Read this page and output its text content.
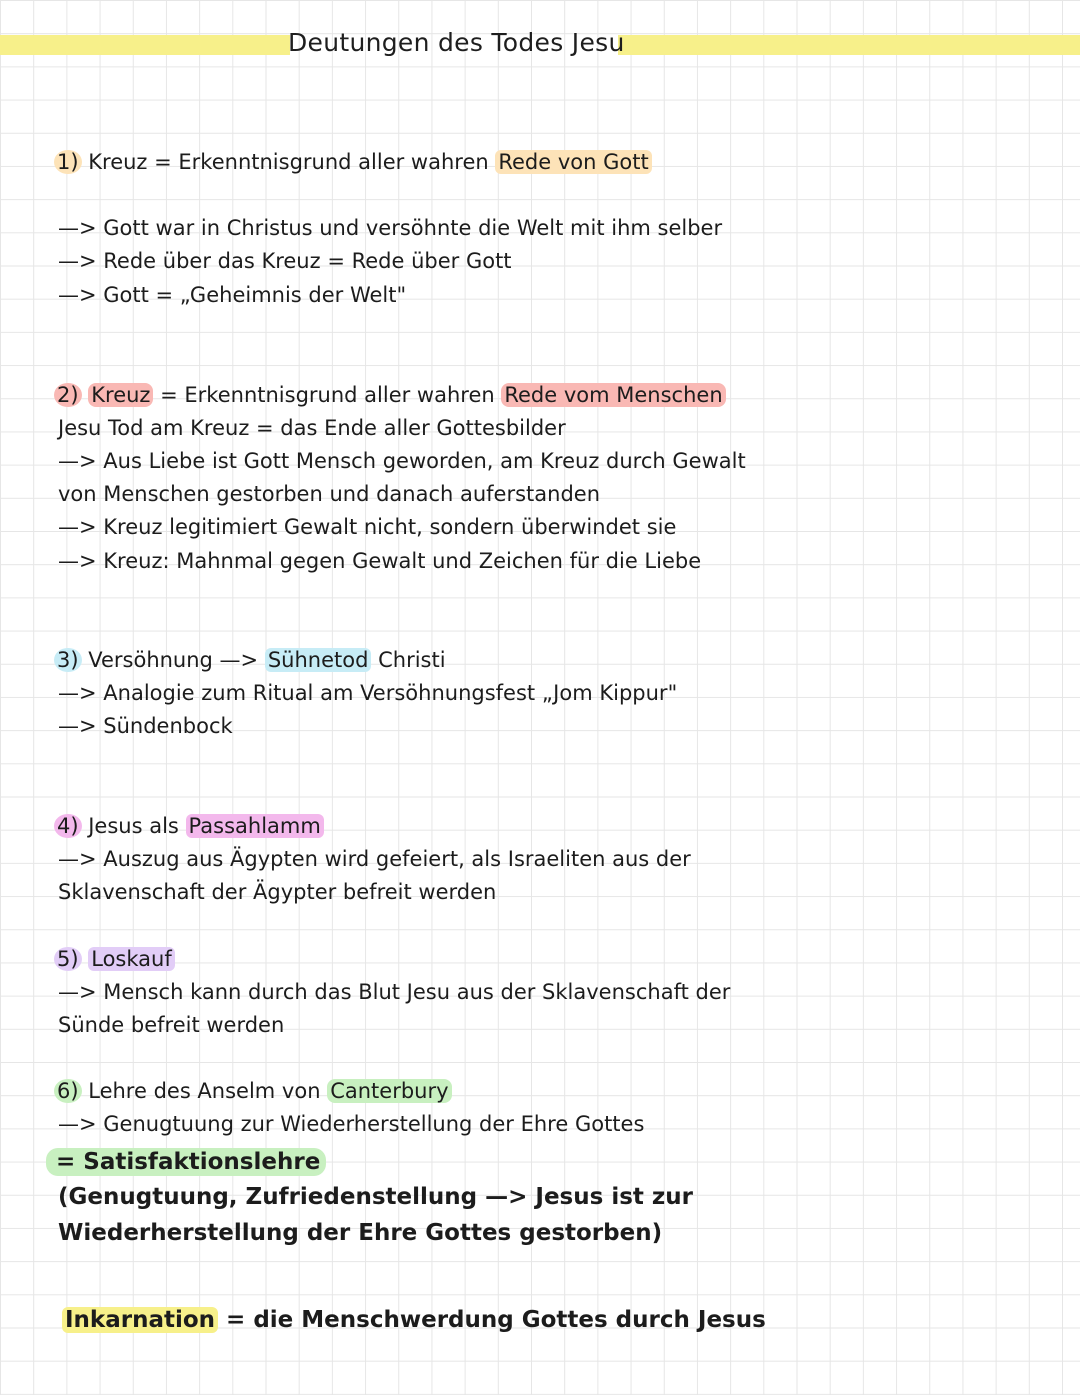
Deutungen des Todes Jesu
1) Kreuz = Erkenntnisgrund aller wahren Rede von Gott
—> Gott war in Christus und versöhnte die Welt mit ihm selber
—> Rede über das Kreuz = Rede über Gott
—> Gott = „Geheimnis der Welt"
2) Kreuz = Erkenntnisgrund aller wahren Rede vom Menschen
Jesu Tod am Kreuz = das Ende aller Gottesbilder
—> Aus Liebe ist Gott Mensch geworden, am Kreuz durch Gewalt
von Menschen gestorben und danach auferstanden
—> Kreuz legitimiert Gewalt nicht, sondern überwindet sie
—> Kreuz: Mahnmal gegen Gewalt und Zeichen für die Liebe
3) Versöhnung —> Sühnetod Christi
—> Analogie zum Ritual am Versöhnungsfest „Jom Kippur"
—> Sündenbock
4) Jesus als Passahlamm
—> Auszug aus Ägypten wird gefeiert, als Israeliten aus der
Sklavenschaft der Ägypter befreit werden
5) Loskauf
—> Mensch kann durch das Blut Jesu aus der Sklavenschaft der
Sünde befreit werden
6) Lehre des Anselm von Canterbury
—> Genugtuung zur Wiederherstellung der Ehre Gottes
= Satisfaktionslehre
(Genugtuung, Zufriedenstellung —> Jesus ist zur
Wiederherstellung der Ehre Gottes gestorben)
Inkarnation = die Menschwerdung Gottes durch Jesus
